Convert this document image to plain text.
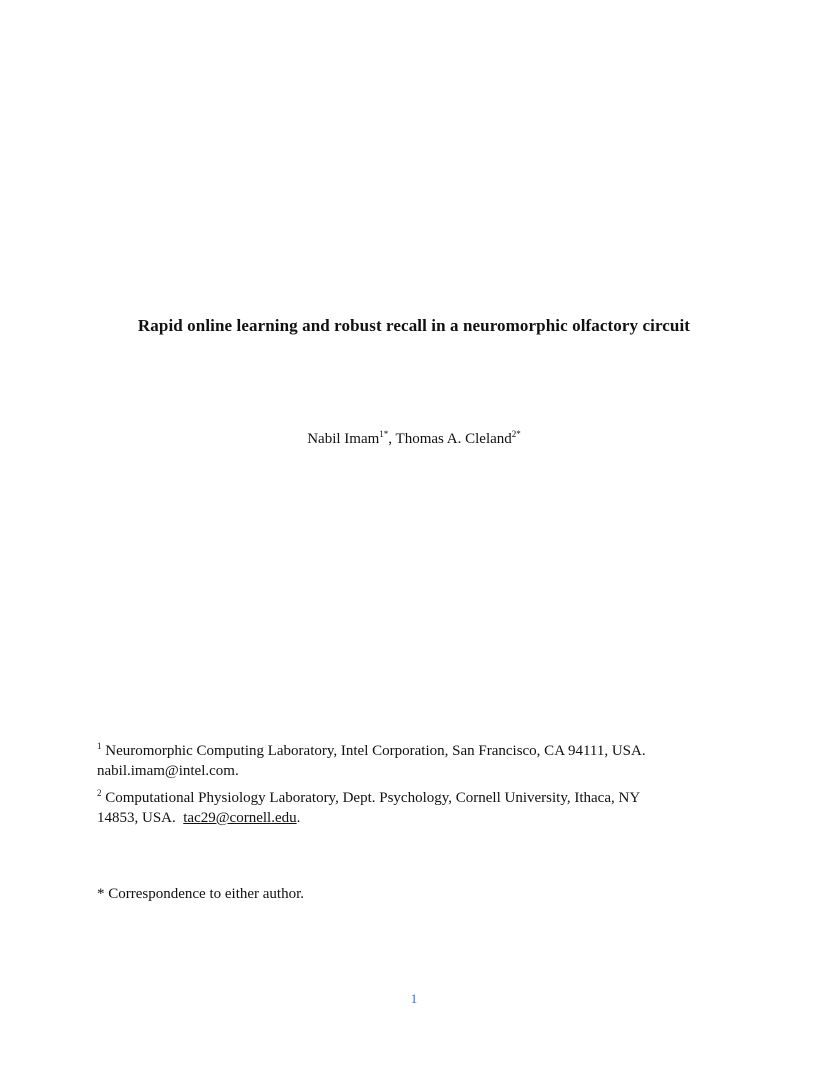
Rapid online learning and robust recall in a neuromorphic olfactory circuit
Nabil Imam$^{1*}$, Thomas A. Cleland$^{2*}$
$^1$ Neuromorphic Computing Laboratory, Intel Corporation, San Francisco, CA 94111, USA.
nabil.imam@intel.com.
$^2$ Computational Physiology Laboratory, Dept. Psychology, Cornell University, Ithaca, NY
14853, USA.  tac29@cornell.edu.
* Correspondence to either author.
1
